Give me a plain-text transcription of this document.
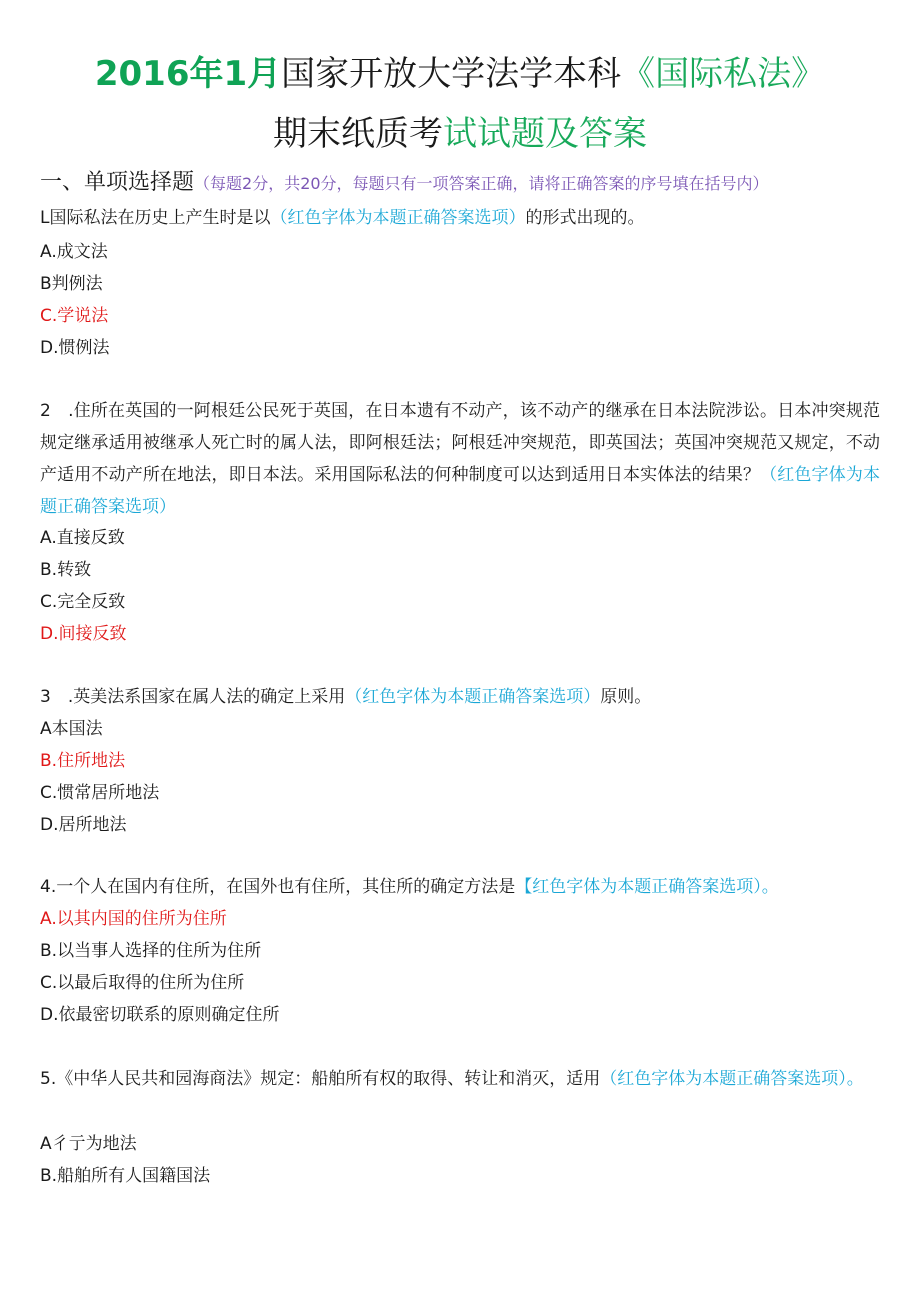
2016年1月国家开放大学法学本科《国际私法》
期末纸质考试试题及答案
一、单项选择题（每题2分，共20分，每题只有一项答案正确，请将正确答案的序号填在括号内）
L国际私法在历史上产生时是以（红色字体为本题正确答案选项）的形式出现的。
A.成文法
B判例法
C.学说法
D.惯例法
2　.住所在英国的一阿根廷公民死于英国，在日本遗有不动产，该不动产的继承在日本法院涉讼。日本冲突规范规定继承适用被继承人死亡时的属人法，即阿根廷法；阿根廷冲突规范，即英国法；英国冲突规范又规定，不动产适用不动产所在地法，即日本法。采用国际私法的何种制度可以达到适用日本实体法的结果？（红色字体为本题正确答案选项）
A.直接反致
B.转致
C.完全反致
D.间接反致
3　.英美法系国家在属人法的确定上采用（红色字体为本题正确答案选项）原则。
A本国法
B.住所地法
C.惯常居所地法
D.居所地法
4.一个人在国内有住所，在国外也有住所，其住所的确定方法是【红色字体为本题正确答案选项）。
A.以其内国的住所为住所
B.以当事人选择的住所为住所
C.以最后取得的住所为住所
D.依最密切联系的原则确定住所
5.《中华人民共和园海商法》规定：船舶所有权的取得、转让和消灭，适用（红色字体为本题正确答案选项）。
A彳亍为地法
B.船舶所有人国籍国法
